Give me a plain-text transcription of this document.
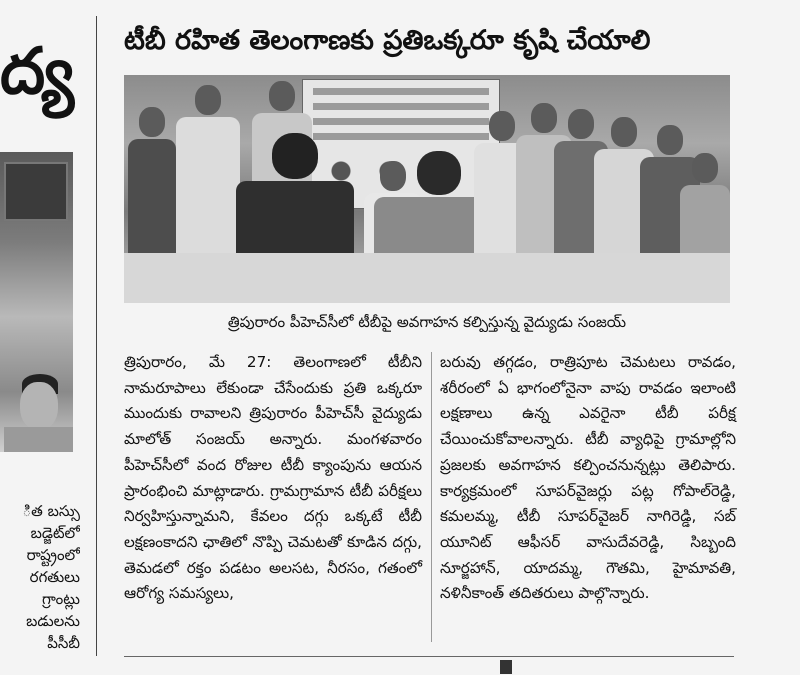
ద్య
ిత బస్సు
బడ్జెట్‌లో
రాష్ట్రంలో
రగతులు
గ్రాంట్లు
బడులను
పీసీబీ
టీబీ రహిత తెలంగాణకు ప్రతిఒక్కరూ కృషి చేయాలి
త్రిపురారం పీహెచ్‌సీలో టీబీపై అవగాహన కల్పిస్తున్న వైద్యుడు సంజయ్
త్రిపురారం, మే 27: తెలంగాణలో టీబీని నామరూపాలు లేకుండా చేసేందుకు ప్రతి ఒక్కరూ ముందుకు రావాలని త్రిపురారం పీహెచ్‌సీ వైద్యుడు మాలోత్‌ సంజయ్‌ అన్నారు. మంగళవారం పీహెచ్‌సీలో వంద రోజుల టీబీ క్యాంపును ఆయన ప్రారంభించి మాట్లాడారు. గ్రామగ్రామాన టీబీ పరీక్షలు నిర్వహిస్తున్నామని, కేవలం దగ్గు ఒక్కటే టీబీ లక్షణంకాదని ఛాతిలో నొప్పి చెమటతో కూడిన దగ్గు, తెమడలో రక్తం పడటం అలసట, నీరసం, గతంలో ఆరోగ్య సమస్యలు,
బరువు తగ్గడం, రాత్రిపూట చెమటలు రావడం, శరీరంలో ఏ భాగంలోనైనా వాపు రావడం ఇలాంటి లక్షణాలు ఉన్న ఎవరైనా టీబీ పరీక్ష చేయించుకోవాలన్నారు. టీబీ వ్యాధిపై గ్రామాల్లోని ప్రజలకు అవగాహన కల్పించనున్నట్లు తెలిపారు. కార్యక్రమంలో సూపర్‌వైజర్లు పట్ల గోపాల్‌రెడ్డి, కమలమ్మ, టీబీ సూపర్‌వైజర్‌ నాగిరెడ్డి, సబ్‌ యూనిట్‌ ఆఫీసర్‌ వాసుదేవరెడ్డి, సిబ్బంది నూర్జహాన్‌, యాదమ్మ, గౌతమి, హైమావతి, నళినీకాంత్‌ తదితరులు పాల్గొన్నారు.
